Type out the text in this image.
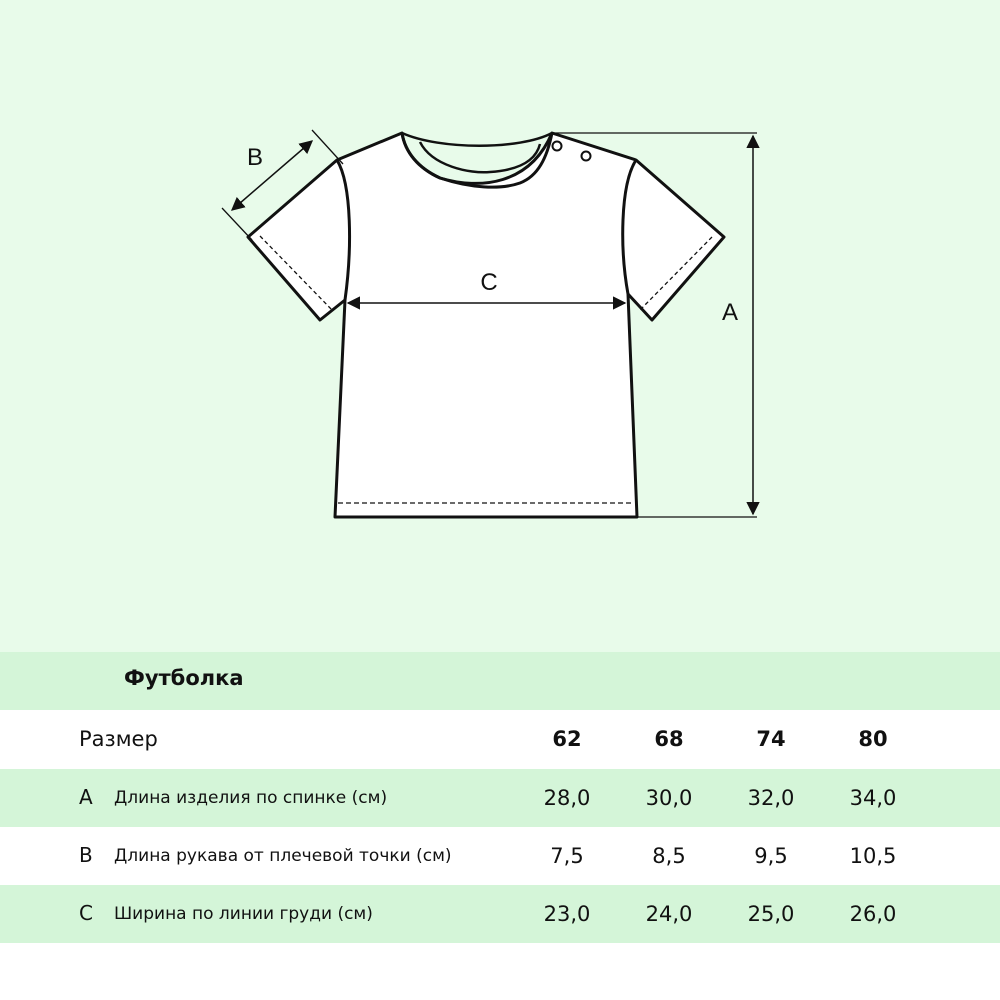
A
B
C
Футболка
Размер	62	68	74	80
A Длина изделия по спинке (см)	28,0	30,0	32,0	34,0
B Длина рукава от плечевой точки (см)	7,5	8,5	9,5	10,5
C Ширина по линии груди (см)	23,0	24,0	25,0	26,0
